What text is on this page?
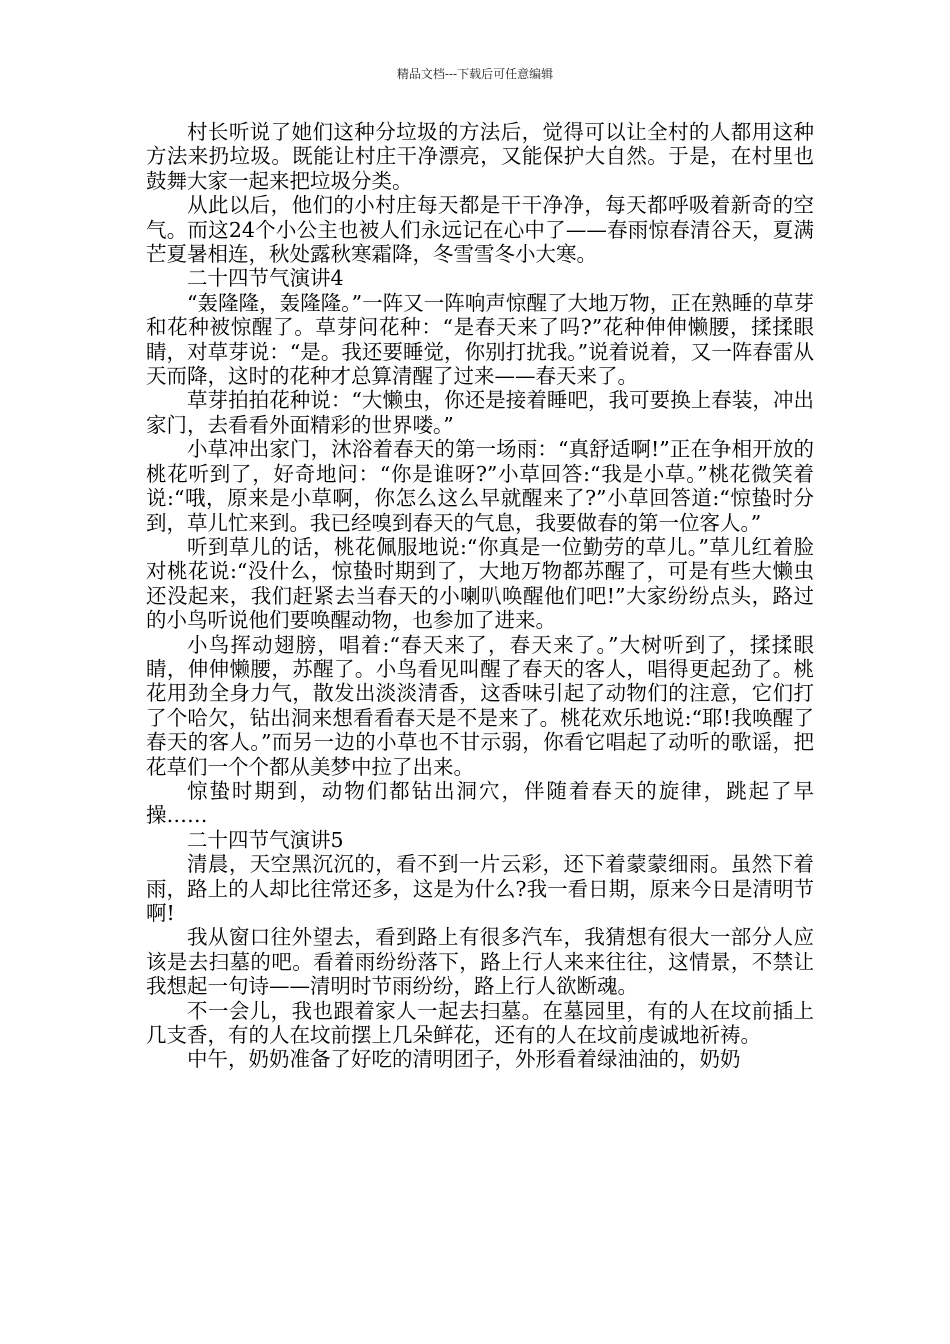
精品文档---下载后可任意编辑

村长听说了她们这种分垃圾的方法后，觉得可以让全村的人都用这种方法来扔垃圾。既能让村庄干净漂亮，又能保护大自然。于是，在村里也鼓舞大家一起来把垃圾分类。

从此以后，他们的小村庄每天都是干干净净，每天都呼吸着新奇的空气。而这24个小公主也被人们永远记在心中了——春雨惊春清谷天，夏满芒夏暑相连，秋处露秋寒霜降，冬雪雪冬小大寒。

二十四节气演讲4

“轰隆隆，轰隆隆。”一阵又一阵响声惊醒了大地万物，正在熟睡的草芽和花种被惊醒了。草芽问花种：“是春天来了吗?”花种伸伸懒腰，揉揉眼睛，对草芽说：“是。我还要睡觉，你别打扰我。”说着说着，又一阵春雷从天而降，这时的花种才总算清醒了过来——春天来了。

草芽拍拍花种说：“大懒虫，你还是接着睡吧，我可要换上春装，冲出家门，去看看外面精彩的世界喽。”

小草冲出家门，沐浴着春天的第一场雨：“真舒适啊!”正在争相开放的桃花听到了，好奇地问：“你是谁呀?”小草回答:“我是小草。”桃花微笑着说:“哦，原来是小草啊，你怎么这么早就醒来了?”小草回答道:“惊蛰时分到，草儿忙来到。我已经嗅到春天的气息，我要做春的第一位客人。”

听到草儿的话，桃花佩服地说:“你真是一位勤劳的草儿。”草儿红着脸对桃花说:“没什么，惊蛰时期到了，大地万物都苏醒了，可是有些大懒虫还没起来，我们赶紧去当春天的小喇叭唤醒他们吧!”大家纷纷点头，路过的小鸟听说他们要唤醒动物，也参加了进来。

小鸟挥动翅膀，唱着:“春天来了，春天来了。”大树听到了，揉揉眼睛，伸伸懒腰，苏醒了。小鸟看见叫醒了春天的客人，唱得更起劲了。桃花用劲全身力气，散发出淡淡清香，这香味引起了动物们的注意，它们打了个哈欠，钻出洞来想看看春天是不是来了。桃花欢乐地说:“耶!我唤醒了春天的客人。”而另一边的小草也不甘示弱，你看它唱起了动听的歌谣，把花草们一个个都从美梦中拉了出来。

惊蛰时期到，动物们都钻出洞穴，伴随着春天的旋律，跳起了早操……

二十四节气演讲5

清晨，天空黑沉沉的，看不到一片云彩，还下着蒙蒙细雨。虽然下着雨，路上的人却比往常还多，这是为什么?我一看日期，原来今日是清明节啊!

我从窗口往外望去，看到路上有很多汽车，我猜想有很大一部分人应该是去扫墓的吧。看着雨纷纷落下，路上行人来来往往，这情景，不禁让我想起一句诗——清明时节雨纷纷，路上行人欲断魂。

不一会儿，我也跟着家人一起去扫墓。在墓园里，有的人在坟前插上几支香，有的人在坟前摆上几朵鲜花，还有的人在坟前虔诚地祈祷。

中午，奶奶准备了好吃的清明团子，外形看着绿油油的，奶奶
